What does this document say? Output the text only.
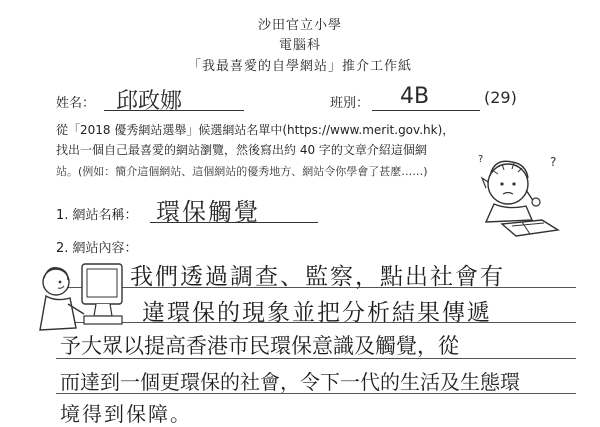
沙田官立小學
電腦科
「我最喜愛的自學網站」推介工作紙
姓名： 邱政娜	班別： 4B	(29)
從「2018 優秀網站選舉」候選網站名單中(https://www.merit.gov.hk)，
找出一個自己最喜愛的網站瀏覽，然後寫出約 40 字的文章介紹這個網
站。(例如：簡介這個網站、這個網站的優秀地方、網站令你學會了甚麼……)
1. 網站名稱： 環保觸覺
2. 網站內容：
我們透過調查、監察，點出社會有
違環保的現象並把分析結果傳遞
予大眾以提高香港市民環保意識及觸覺，從
而達到一個更環保的社會，令下一代的生活及生態環
境得到保障。
?
?
